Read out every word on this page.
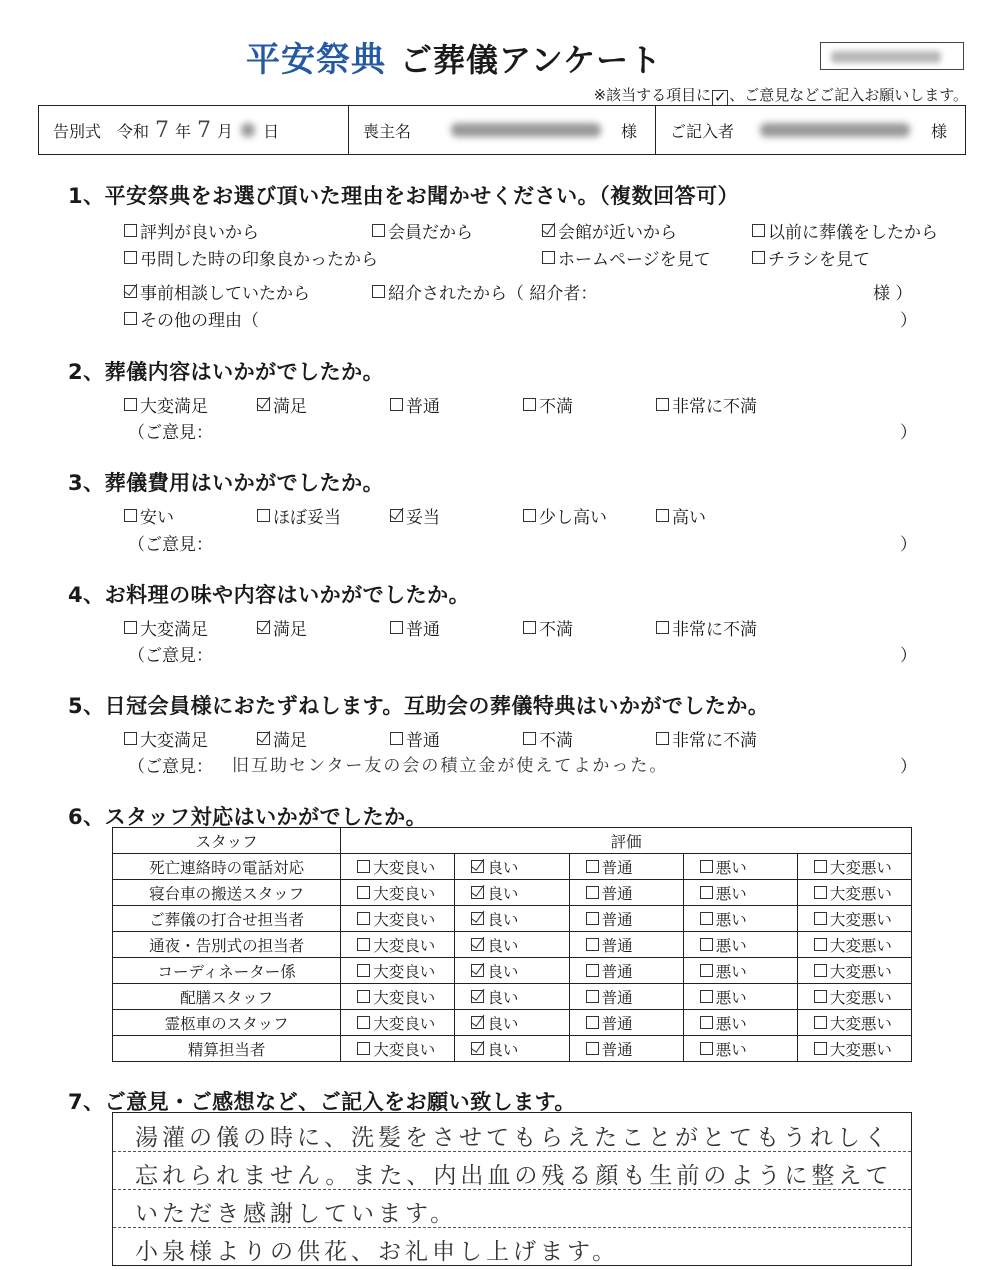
平安祭典 ご葬儀アンケート
※該当する項目に ✓ 、ご意見などご記入お願いします。
告別式 令和 7 年 7 月 日	喪主名	様 ご記入者	様
1、平安祭典をお選び頂いた理由をお聞かせください。（複数回答可）
評判が良いから	会員だから	会館が近いから	以前に葬儀をしたから
弔問した時の印象良かったから	ホームページを見て	チラシを見て
事前相談していたから	紹介されたから（ 紹介者：	様 ）
その他の理由（	）
2、葬儀内容はいかがでしたか。
大変満足	満足	普通	不満	非常に不満
（ご意見：	）
3、葬儀費用はいかがでしたか。
安い	ほぼ妥当	妥当	少し高い	高い
（ご意見：	）
4、お料理の味や内容はいかがでしたか。
大変満足	満足	普通	不満	非常に不満
（ご意見：	）
5、日冠会員様におたずねします。互助会の葬儀特典はいかがでしたか。
大変満足	満足	普通	不満	非常に不満
（ご意見： 旧互助センター友の会の積立金が使えてよかった。	）
6、スタッフ対応はいかがでしたか。
スタッフ	評価				
死亡連絡時の電話対応	大変良い	良い	普通	悪い	大変悪い

寝台車の搬送スタッフ	大変良い	良い	普通	悪い	大変悪い

ご葬儀の打合せ担当者	大変良い	良い	普通	悪い	大変悪い

通夜・告別式の担当者	大変良い	良い	普通	悪い	大変悪い

コーディネーター係	大変良い	良い	普通	悪い	大変悪い

配膳スタッフ	大変良い	良い	普通	悪い	大変悪い

霊柩車のスタッフ	大変良い	良い	普通	悪い	大変悪い

精算担当者	大変良い	良い	普通	悪い	大変悪い
7、ご意見・ご感想など、ご記入をお願い致します。
湯灌の儀の時に、洗髪をさせてもらえたことがとてもうれしく
忘れられません。また、内出血の残る顔も生前のように整えて
いただき感謝しています。
小泉様よりの供花、お礼申し上げます。
